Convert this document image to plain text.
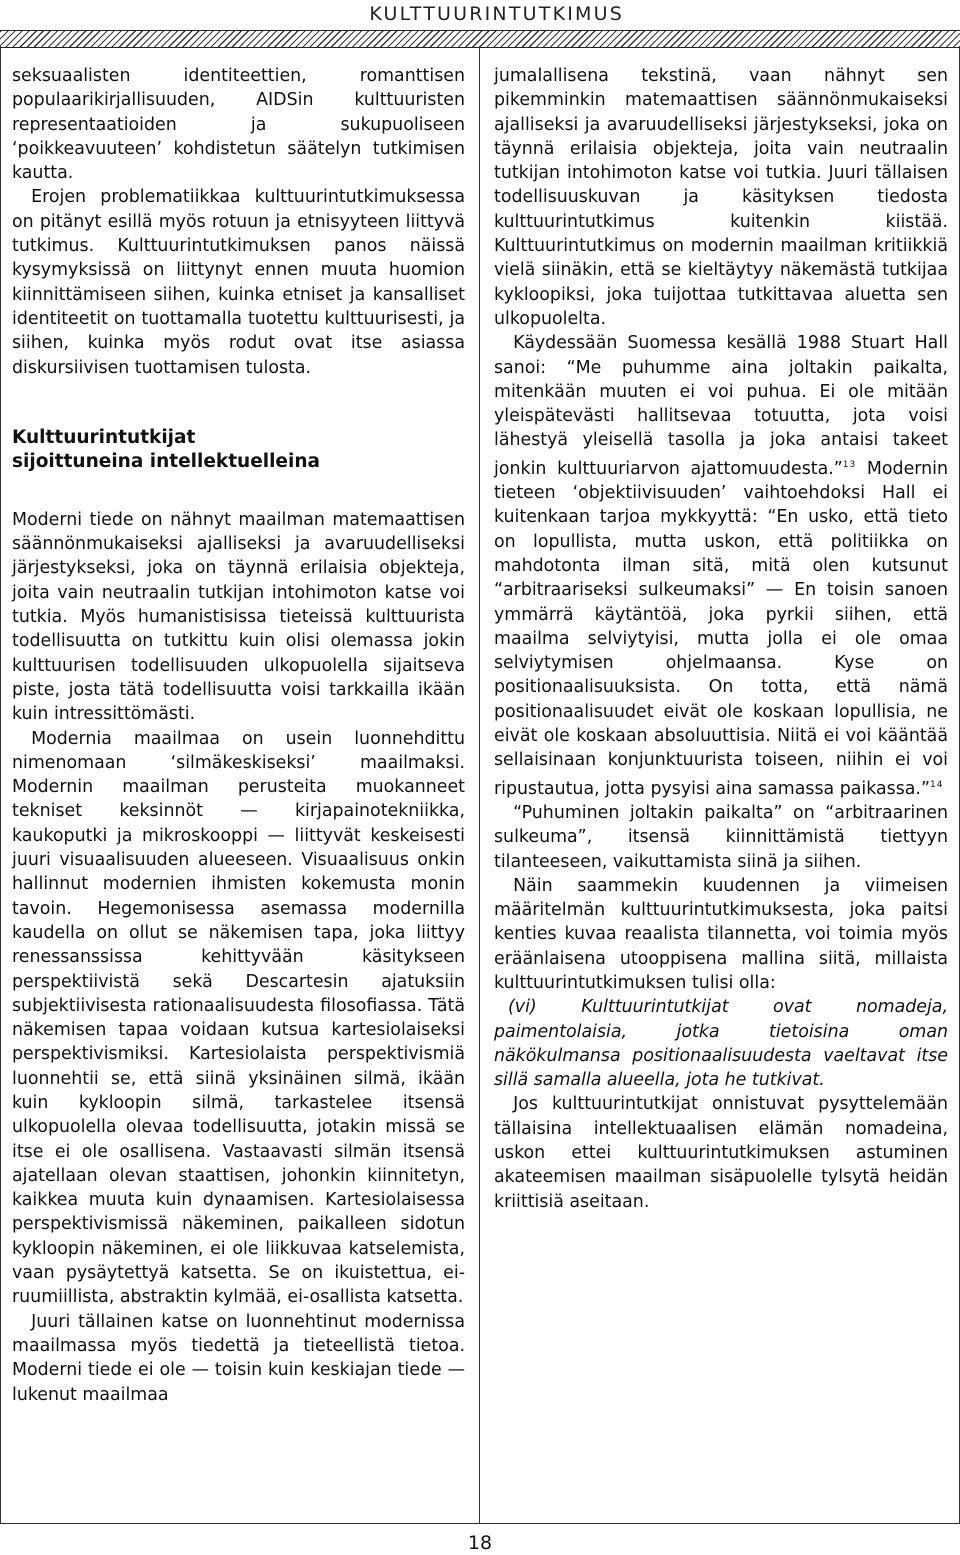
KULTTUURINTUTKIMUS

seksuaalisten identiteettien, romanttisen populaarikirjallisuuden, AIDSin kulttuuristen representaatioiden ja sukupuoliseen ‘poikkeavuuteen’ kohdistetun säätelyn tutkimisen kautta.

Erojen problematiikkaa kulttuurintutkimuksessa on pitänyt esillä myös rotuun ja etnisyyteen liittyvä tutkimus. Kulttuurintutkimuksen panos näissä kysymyksissä on liittynyt ennen muuta huomion kiinnittämiseen siihen, kuinka etniset ja kansalliset identiteetit on tuottamalla tuotettu kulttuurisesti, ja siihen, kuinka myös rodut ovat itse asiassa diskursiivisen tuottamisen tulosta.

Kulttuurintutkijat
sijoittuneina intellektuelleina

Moderni tiede on nähnyt maailman matemaattisen säännönmukaiseksi ajalliseksi ja avaruudelliseksi järjestykseksi, joka on täynnä erilaisia objekteja, joita vain neutraalin tutkijan intohimoton katse voi tutkia. Myös humanistisissa tieteissä kulttuurista todellisuutta on tutkittu kuin olisi olemassa jokin kulttuurisen todellisuuden ulkopuolella sijaitseva piste, josta tätä todellisuutta voisi tarkkailla ikään kuin intressittömästi.

Modernia maailmaa on usein luonnehdittu nimenomaan ‘silmäkeskiseksi’ maailmaksi. Modernin maailman perusteita muokanneet tekniset keksinnöt — kirjapainotekniikka, kaukoputki ja mikroskooppi — liittyvät keskeisesti juuri visuaalisuuden alueeseen. Visuaalisuus onkin hallinnut modernien ihmisten kokemusta monin tavoin. Hegemonisessa asemassa modernilla kaudella on ollut se näkemisen tapa, joka liittyy renessanssissa kehittyvään käsitykseen perspektiivistä sekä Descartesin ajatuksiin subjektiivisesta rationaalisuudesta filosofiassa. Tätä näkemisen tapaa voidaan kutsua kartesiolaiseksi perspektivismiksi. Kartesiolaista perspektivismiä luonnehtii se, että siinä yksinäinen silmä, ikään kuin kykloopin silmä, tarkastelee itsensä ulkopuolella olevaa todellisuutta, jotakin missä se itse ei ole osallisena. Vastaavasti silmän itsensä ajatellaan olevan staattisen, johonkin kiinnitetyn, kaikkea muuta kuin dynaamisen. Kartesiolaisessa perspektivismissä näkeminen, paikalleen sidotun kykloopin näkeminen, ei ole liikkuvaa katselemista, vaan pysäytettyä katsetta. Se on ikuistettua, ei-ruumiillista, abstraktin kylmää, ei-osallista katsetta.

Juuri tällainen katse on luonnehtinut modernissa maailmassa myös tiedettä ja tieteellistä tietoa. Moderni tiede ei ole — toisin kuin keskiajan tiede — lukenut maailmaa

jumalallisena tekstinä, vaan nähnyt sen pikemminkin matemaattisen säännönmukaiseksi ajalliseksi ja avaruudelliseksi järjestykseksi, joka on täynnä erilaisia objekteja, joita vain neutraalin tutkijan intohimoton katse voi tutkia. Juuri tällaisen todellisuuskuvan ja käsityksen tiedosta kulttuurintutkimus kuitenkin kiistää. Kulttuurintutkimus on modernin maailman kritiikkiä vielä siinäkin, että se kieltäytyy näkemästä tutkijaa kykloopiksi, joka tuijottaa tutkittavaa aluetta sen ulkopuolelta.

Käydessään Suomessa kesällä 1988 Stuart Hall sanoi: “Me puhumme aina joltakin paikalta, mitenkään muuten ei voi puhua. Ei ole mitään yleispätevästi hallitsevaa totuutta, jota voisi lähestyä yleisellä tasolla ja joka antaisi takeet jonkin kulttuuriarvon ajattomuudesta.”$^{13}$ Modernin tieteen ‘objektiivisuuden’ vaihtoehdoksi Hall ei kuitenkaan tarjoa mykkyyttä: “En usko, että tieto on lopullista, mutta uskon, että politiikka on mahdotonta ilman sitä, mitä olen kutsunut “arbitraariseksi sulkeumaksi” — En toisin sanoen ymmärrä käytäntöä, joka pyrkii siihen, että maailma selviytyisi, mutta jolla ei ole omaa selviytymisen ohjelmaansa. Kyse on positionaalisuuksista. On totta, että nämä positionaalisuudet eivät ole koskaan lopullisia, ne eivät ole koskaan absoluuttisia. Niitä ei voi kääntää sellaisinaan konjunktuurista toiseen, niihin ei voi ripustautua, jotta pysyisi aina samassa paikassa.”$^{14}$

“Puhuminen joltakin paikalta” on “arbitraarinen sulkeuma”, itsensä kiinnittämistä tiettyyn tilanteeseen, vaikuttamista siinä ja siihen.

Näin saammekin kuudennen ja viimeisen määritelmän kulttuurintutkimuksesta, joka paitsi kenties kuvaa reaalista tilannetta, voi toimia myös eräänlaisena utooppisena mallina siitä, millaista kulttuurintutkimuksen tulisi olla:

(vi) Kulttuurintutkijat ovat nomadeja, paimentolaisia, jotka tietoisina oman näkökulmansa positionaalisuudesta vaeltavat itse sillä samalla alueella, jota he tutkivat.

Jos kulttuurintutkijat onnistuvat pysyttelemään tällaisina intellektuaalisen elämän nomadeina, uskon ettei kulttuurintutkimuksen astuminen akateemisen maailman sisäpuolelle tylsytä heidän kriittisiä aseitaan.

18
